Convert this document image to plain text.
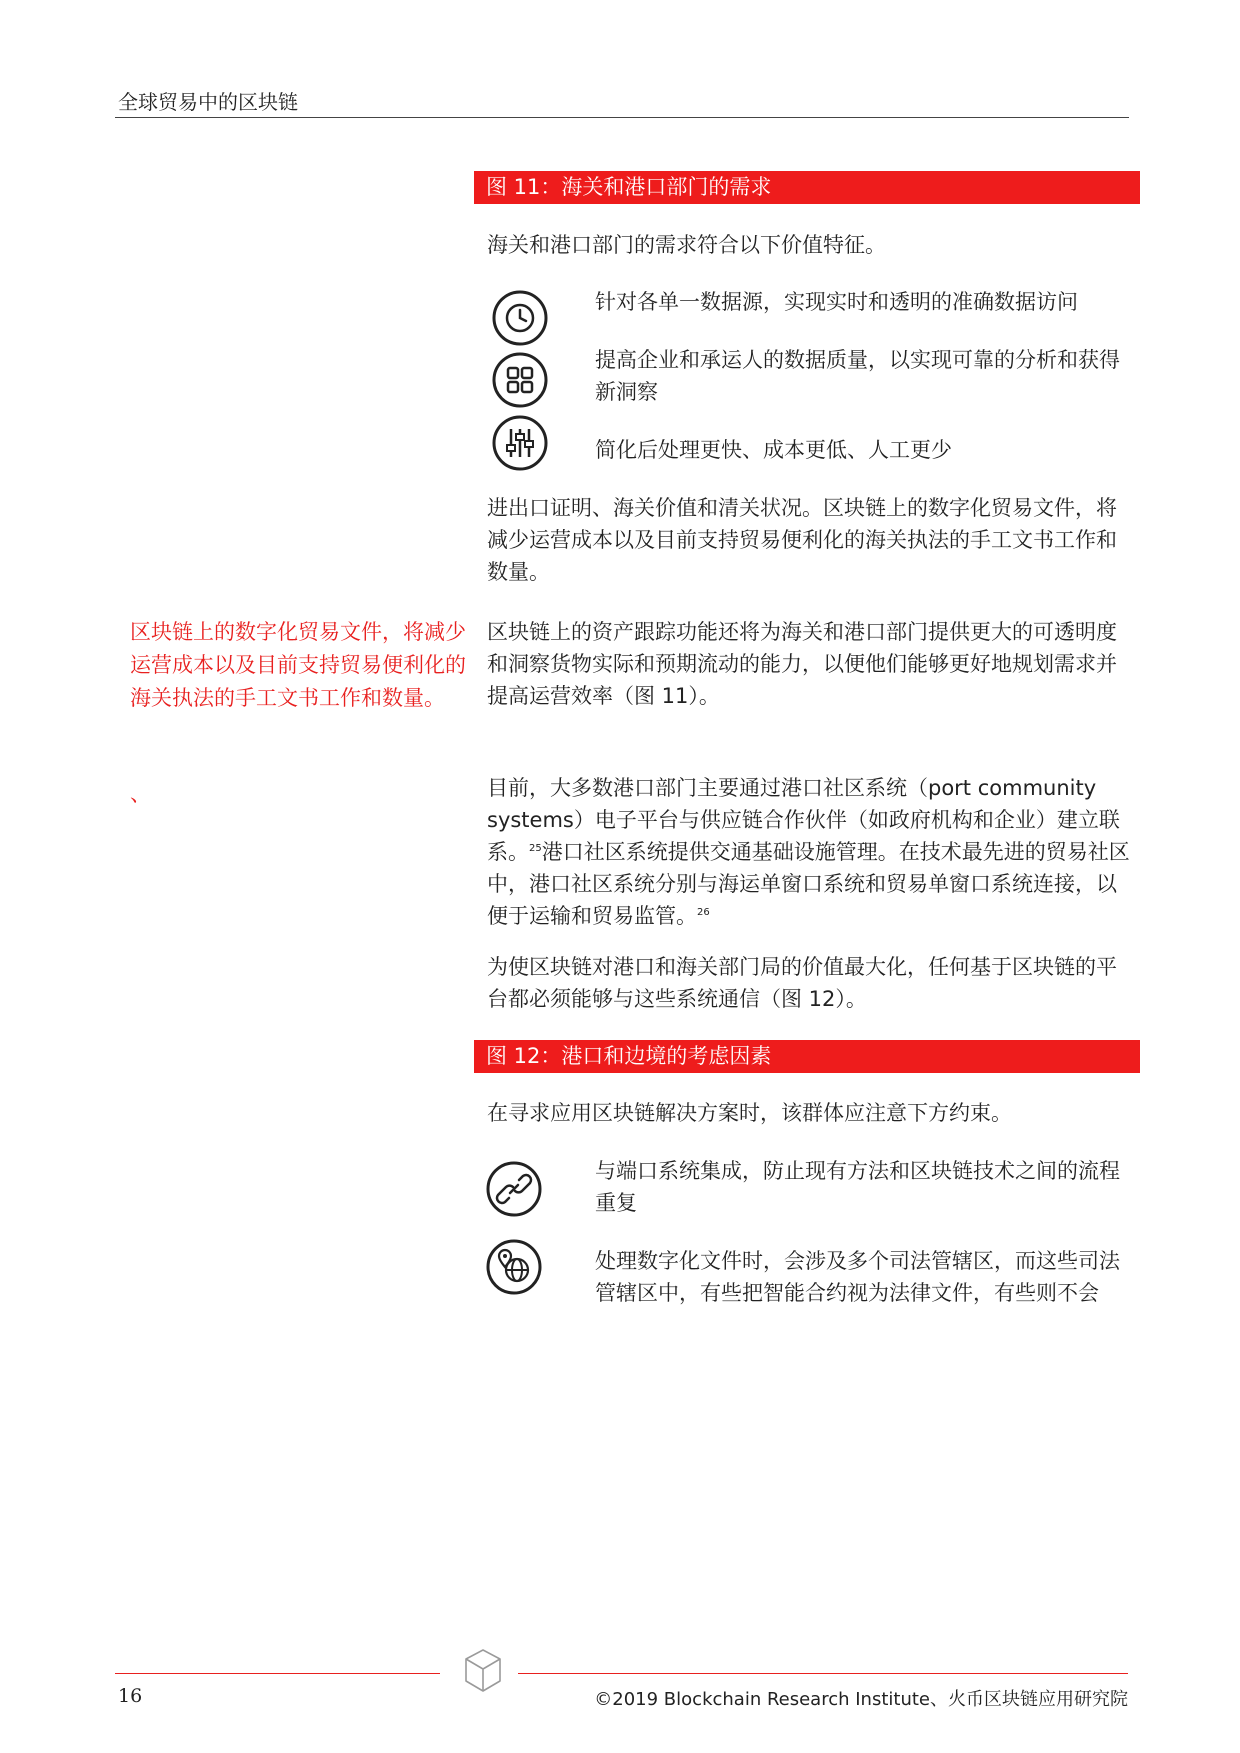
全球贸易中的区块链
图 11：海关和港口部门的需求
海关和港口部门的需求符合以下价值特征。
针对各单一数据源，实现实时和透明的准确数据访问
提高企业和承运人的数据质量，以实现可靠的分析和获得新洞察
简化后处理更快、成本更低、人工更少
进出口证明、海关价值和清关状况。区块链上的数字化贸易文件，将减少运营成本以及目前支持贸易便利化的海关执法的手工文书工作和数量。
区块链上的资产跟踪功能还将为海关和港口部门提供更大的可透明度和洞察货物实际和预期流动的能力，以便他们能够更好地规划需求并提高运营效率（图 11）。
目前，大多数港口部门主要通过港口社区系统（port community systems）电子平台与供应链合作伙伴（如政府机构和企业）建立联系。$^{25}$港口社区系统提供交通基础设施管理。在技术最先进的贸易社区中，港口社区系统分别与海运单窗口系统和贸易单窗口系统连接，以便于运输和贸易监管。$^{26}$
为使区块链对港口和海关部门局的价值最大化，任何基于区块链的平台都必须能够与这些系统通信（图 12）。
区块链上的数字化贸易文件，将减少运营成本以及目前支持贸易便利化的海关执法的手工文书工作和数量。
、
图 12：港口和边境的考虑因素
在寻求应用区块链解决方案时，该群体应注意下方约束。
与端口系统集成，防止现有方法和区块链技术之间的流程重复
处理数字化文件时，会涉及多个司法管辖区，而这些司法管辖区中，有些把智能合约视为法律文件，有些则不会
16	©2019 Blockchain Research Institute、火币区块链应用研究院
